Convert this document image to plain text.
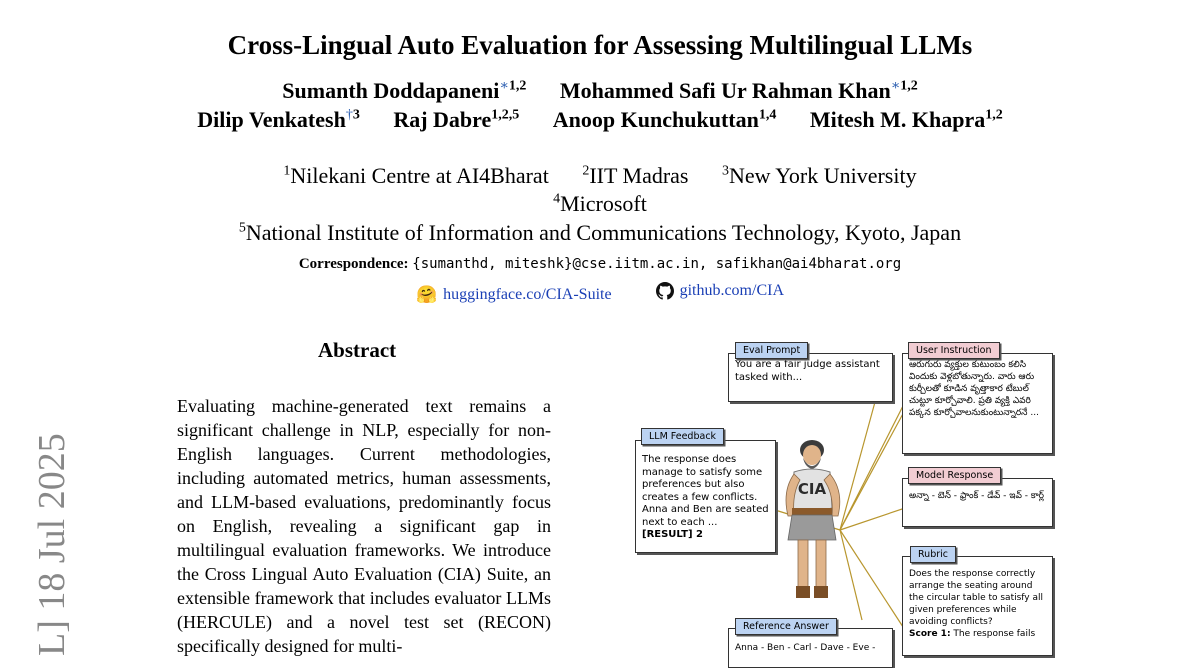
Cross-Lingual Auto Evaluation for Assessing Multilingual LLMs
Sumanth Doddapaneni$^{∗1,2}$ Mohammed Safi Ur Rahman Khan$^{∗1,2}$
Dilip Venkatesh$^{\dagger 3}$ Raj Dabre$^{1,2,5}$ Anoop Kunchukuttan$^{1,4}$ Mitesh M. Khapra$^{1,2}$
$^1$Nilekani Centre at AI4Bharat $^2$IIT Madras $^3$New York University
$^4$Microsoft
$^5$National Institute of Information and Communications Technology, Kyoto, Japan
Correspondence: {sumanthd, miteshk}@cse.iitm.ac.in, safikhan@ai4bharat.org
🤗 huggingface.co/CIA-Suite
	github.com/CIA
L] 18 Jul 2025
Abstract

Evaluating machine-generated text remains a significant challenge in NLP, especially for non-English languages. Current methodologies, including automated metrics, human assessments, and LLM-based evaluations, predominantly focus on English, revealing a significant gap in multilingual evaluation frameworks. We introduce the Cross Lingual Auto Evaluation (CIA) Suite, an extensible framework that includes evaluator LLMs (HERCULE) and a novel test set (RECON) specifically designed for multi-

You are a fair judge assistant tasked with...
Eval Prompt
ఆరుగురు వ్యక్తుల కుటుంబం కలిసి విందుకు వెళ్లబోతున్నారు. వారు ఆరు కుర్చీలతో కూడిన వృత్తాకార టేబుల్ చుట్టూ కూర్చోవాలి. ప్రతి వ్యక్తి ఎవరి పక్కన కూర్చోవాలనుకుంటున్నారనే ...
User Instruction
The response does manage to satisfy some preferences but also creates a few conflicts. Anna and Ben are seated next to each ...
[RESULT] 2
LLM Feedback
అన్నా - బెన్ - ఫ్రాంక్ - డేవ్ - ఇవ్ - కార్ల్
Model Response
Does the response correctly arrange the seating around the circular table to satisfy all given preferences while avoiding conflicts?
Score 1: The response fails
Rubric
Anna - Ben - Carl - Dave - Eve -
Reference Answer
CIA
